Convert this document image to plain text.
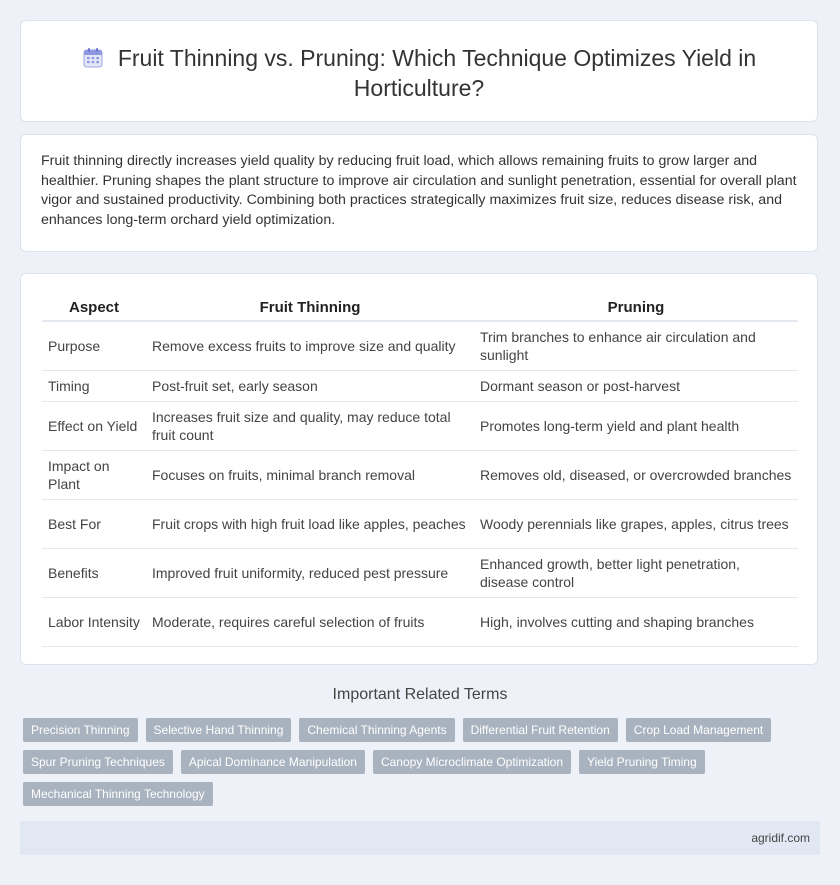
Fruit Thinning vs. Pruning: Which Technique Optimizes Yield in Horticulture?
Fruit thinning directly increases yield quality by reducing fruit load, which allows remaining fruits to grow larger and healthier. Pruning shapes the plant structure to improve air circulation and sunlight penetration, essential for overall plant vigor and sustained productivity. Combining both practices strategically maximizes fruit size, reduces disease risk, and enhances long-term orchard yield optimization.
Aspect	Fruit Thinning	Pruning
Purpose	Remove excess fruits to improve size and quality	Trim branches to enhance air circulation and sunlight
Timing	Post-fruit set, early season	Dormant season or post-harvest
Effect on Yield	Increases fruit size and quality, may reduce total fruit count	Promotes long-term yield and plant health
Impact on Plant	Focuses on fruits, minimal branch removal	Removes old, diseased, or overcrowded branches
Best For	Fruit crops with high fruit load like apples, peaches	Woody perennials like grapes, apples, citrus trees
Benefits	Improved fruit uniformity, reduced pest pressure	Enhanced growth, better light penetration, disease control
Labor Intensity	Moderate, requires careful selection of fruits	High, involves cutting and shaping branches
Important Related Terms
Precision Thinning	Selective Hand Thinning	Chemical Thinning Agents	Differential Fruit Retention	Crop Load Management
Spur Pruning Techniques	Apical Dominance Manipulation	Canopy Microclimate Optimization	Yield Pruning Timing
Mechanical Thinning Technology
agridif.com
